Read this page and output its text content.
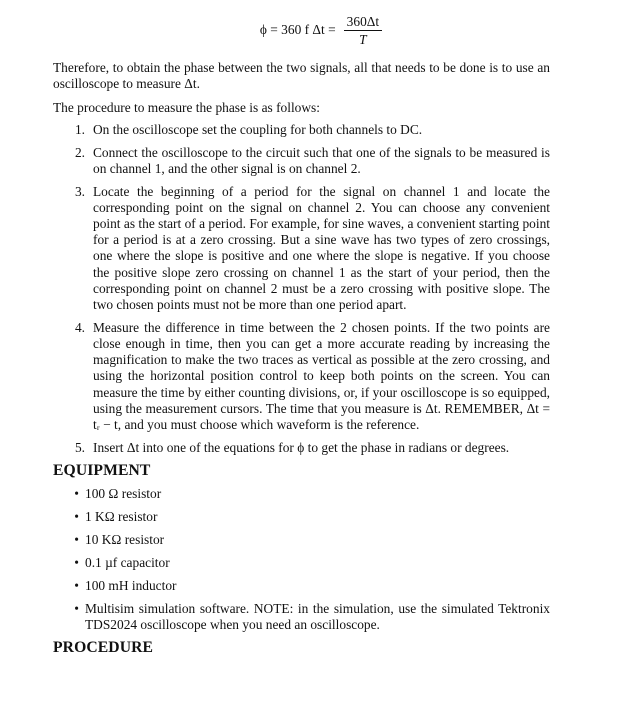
ϕ = 360 f $\Delta t = \frac{360\Delta t}{T}$

Therefore, to obtain the phase between the two signals, all that needs to be done is to use an oscilloscope to measure Δt.

The procedure to measure the phase is as follows:

1. On the oscilloscope set the coupling for both channels to DC.
2. Connect the oscilloscope to the circuit such that one of the signals to be measured is on channel 1, and the other signal is on channel 2.
3. Locate the beginning of a period for the signal on channel 1 and locate the corresponding point on the signal on channel 2. You can choose any convenient point as the start of a period. For example, for sine waves, a convenient starting point for a period is at a zero crossing. But a sine wave has two types of zero crossings, one where the slope is positive and one where the slope is negative. If you choose the positive slope zero crossing on channel 1 as the start of your period, then the corresponding point on channel 2 must be a zero crossing with positive slope. The two chosen points must not be more than one period apart.
4. Measure the difference in time between the 2 chosen points. If the two points are close enough in time, then you can get a more accurate reading by increasing the magnification to make the two traces as vertical as possible at the zero crossing, and using the horizontal position control to keep both points on the screen. You can measure the time by either counting divisions, or, if your oscilloscope is so equipped, using the measurement cursors. The time that you measure is Δt. REMEMBER, Δt = tᵣ − t, and you must choose which waveform is the reference.
5. Insert Δt into one of the equations for ϕ to get the phase in radians or degrees.
EQUIPMENT
• 100 Ω resistor
• 1 KΩ resistor
• 10 KΩ resistor
• 0.1 µf capacitor
• 100 mH inductor
• Multisim simulation software. NOTE: in the simulation, use the simulated Tektronix TDS2024 oscilloscope when you need an oscilloscope.
PROCEDURE
